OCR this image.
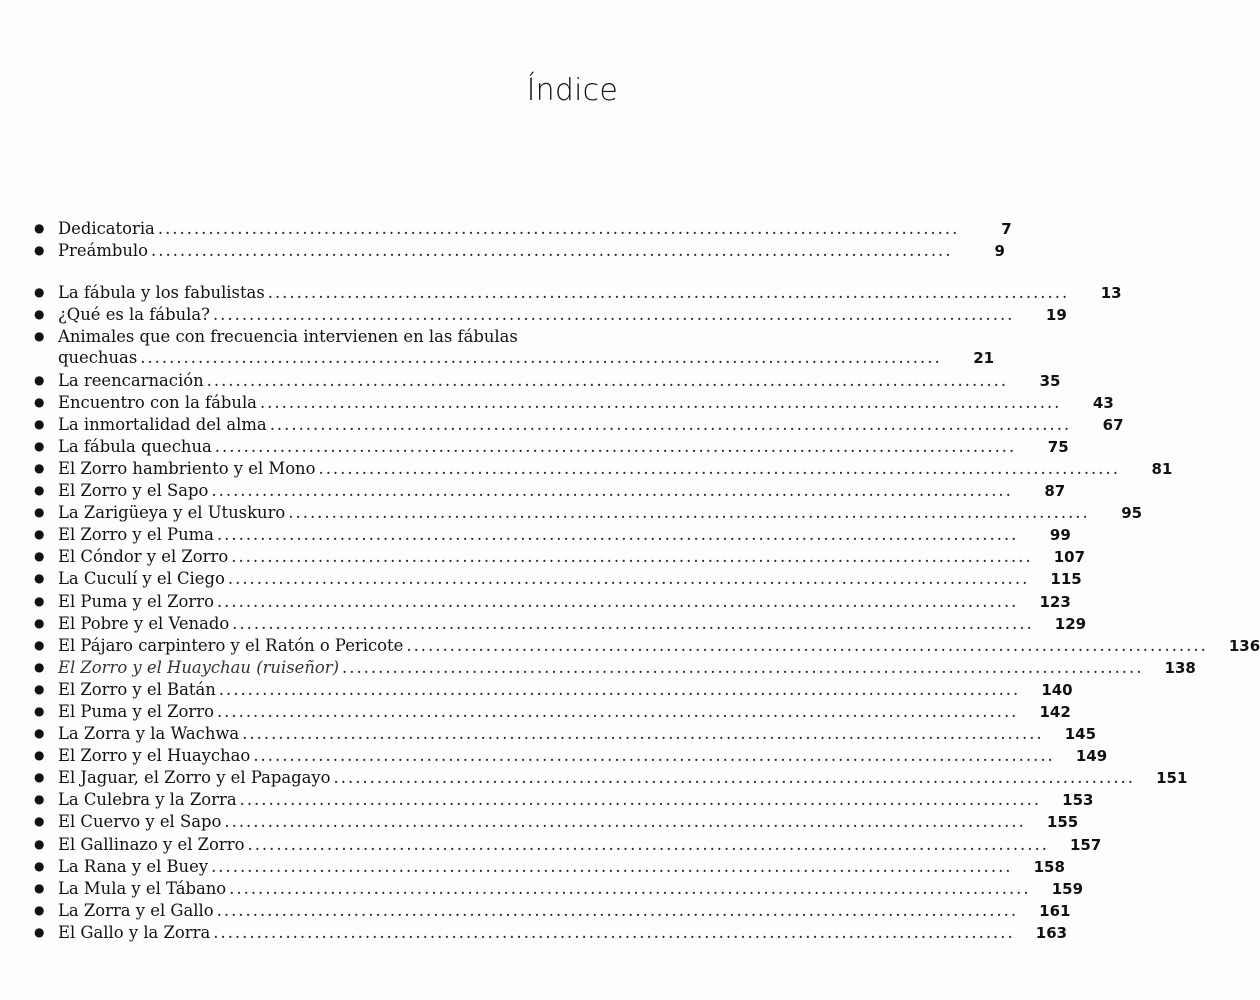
Índice
● Dedicatoria . . .	7
● Preámbulo . . .	9
● La fábula y los fabulistas . . .	13
● ¿Qué es la fábula? . . .	19
● Animales que con frecuencia intervienen en las fábulas
quechuas . . .	21
● La reencarnación . . .	35
● Encuentro con la fábula . . .	43
● La inmortalidad del alma . . .	67
● La fábula quechua . . .	75
● El Zorro hambriento y el Mono . . .	81
● El Zorro y el Sapo . . .	87
● La Zarigüeya y el Utuskuro . . .	95
● El Zorro y el Puma . . .	99
● El Cóndor y el Zorro . . .	107
● La Cuculí y el Ciego . . .	115
● El Puma y el Zorro . . .	123
● El Pobre y el Venado . . .	129
● El Pájaro carpintero y el Ratón o Pericote . . .	136
● El Zorro y el Huaychau (ruiseñor) . . .	138
● El Zorro y el Batán . . .	140
● El Puma y el Zorro . . .	142
● La Zorra y la Wachwa . . .	145
● El Zorro y el Huaychao . . .	149
● El Jaguar, el Zorro y el Papagayo . . .	151
● La Culebra y la Zorra . . .	153
● El Cuervo y el Sapo . . .	155
● El Gallinazo y el Zorro . . .	157
● La Rana y el Buey . . .	158
● La Mula y el Tábano . . .	159
● La Zorra y el Gallo . . .	161
● El Gallo y la Zorra . . .	163
